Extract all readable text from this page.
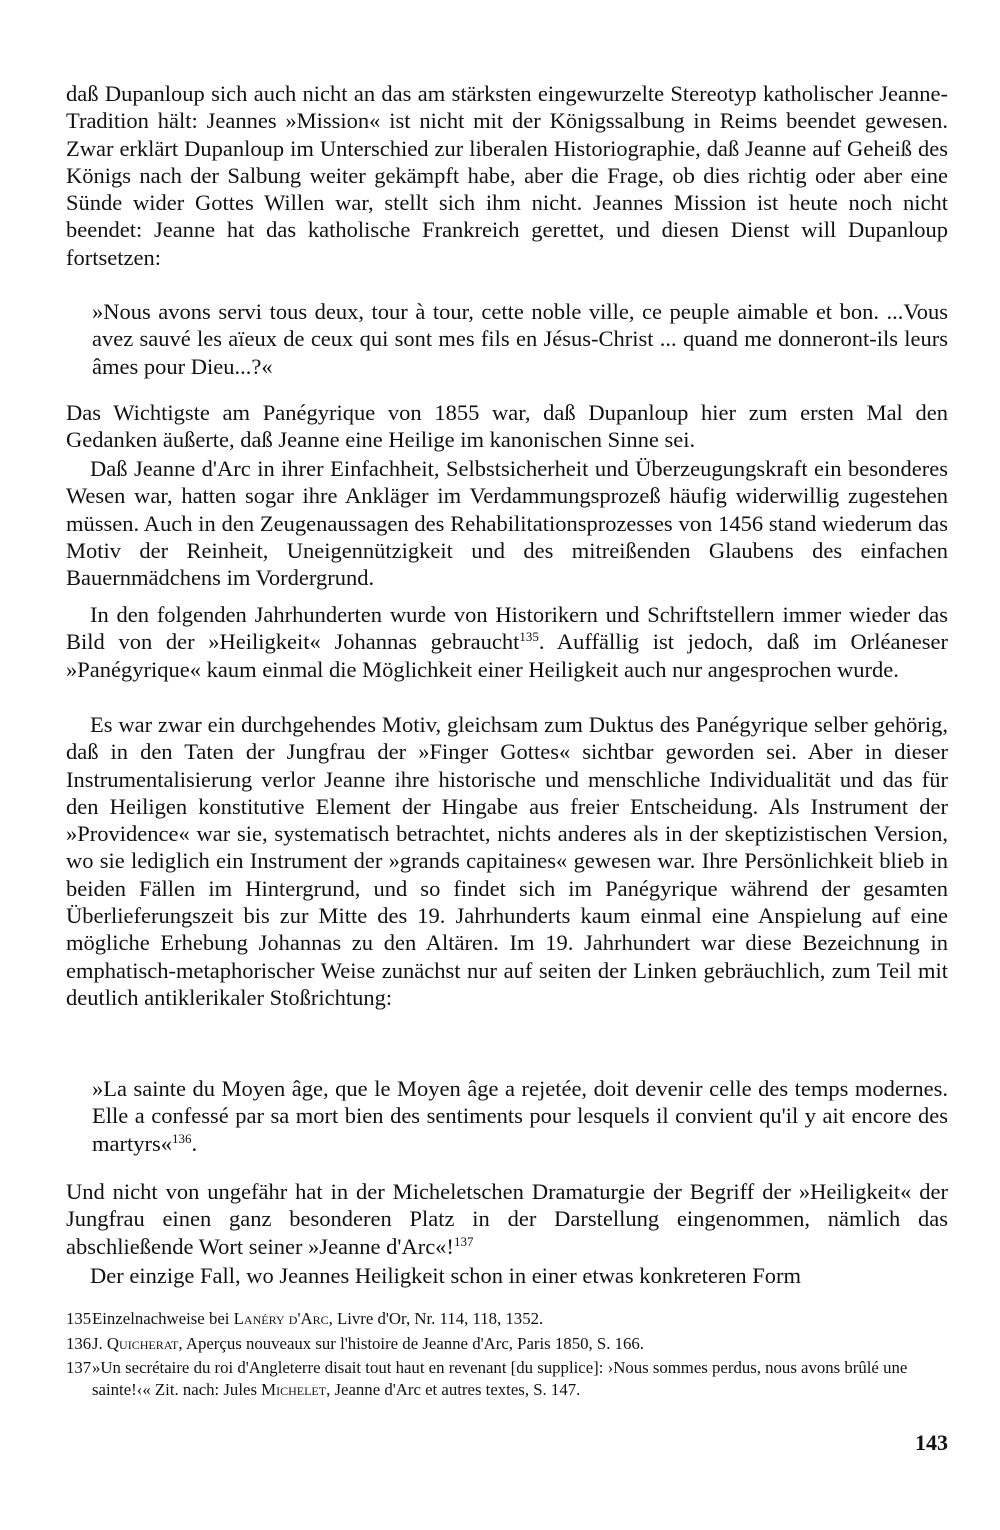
daß Dupanloup sich auch nicht an das am stärksten eingewurzelte Stereotyp katholischer Jeanne-Tradition hält: Jeannes »Mission« ist nicht mit der Königssalbung in Reims beendet gewesen. Zwar erklärt Dupanloup im Unterschied zur liberalen Historiographie, daß Jeanne auf Geheiß des Königs nach der Salbung weiter gekämpft habe, aber die Frage, ob dies richtig oder aber eine Sünde wider Gottes Willen war, stellt sich ihm nicht. Jeannes Mission ist heute noch nicht beendet: Jeanne hat das katholische Frankreich gerettet, und diesen Dienst will Dupanloup fortsetzen:

»Nous avons servi tous deux, tour à tour, cette noble ville, ce peuple aimable et bon. ...Vous avez sauvé les aïeux de ceux qui sont mes fils en Jésus-Christ ... quand me donneront-ils leurs âmes pour Dieu...?«

Das Wichtigste am Panégyrique von 1855 war, daß Dupanloup hier zum ersten Mal den Gedanken äußerte, daß Jeanne eine Heilige im kanonischen Sinne sei.

Daß Jeanne d'Arc in ihrer Einfachheit, Selbstsicherheit und Überzeugungskraft ein besonderes Wesen war, hatten sogar ihre Ankläger im Verdammungsprozeß häufig widerwillig zugestehen müssen. Auch in den Zeugenaussagen des Rehabilitationsprozesses von 1456 stand wiederum das Motiv der Reinheit, Uneigennützigkeit und des mitreißenden Glaubens des einfachen Bauernmädchens im Vordergrund.

In den folgenden Jahrhunderten wurde von Historikern und Schriftstellern immer wieder das Bild von der »Heiligkeit« Johannas gebraucht$^{135}$. Auffällig ist jedoch, daß im Orléaneser »Panégyrique« kaum einmal die Möglichkeit einer Heiligkeit auch nur angesprochen wurde.

Es war zwar ein durchgehendes Motiv, gleichsam zum Duktus des Panégyrique selber gehörig, daß in den Taten der Jungfrau der »Finger Gottes« sichtbar geworden sei. Aber in dieser Instrumentalisierung verlor Jeanne ihre historische und menschliche Individualität und das für den Heiligen konstitutive Element der Hingabe aus freier Entscheidung. Als Instrument der »Providence« war sie, systematisch betrachtet, nichts anderes als in der skeptizistischen Version, wo sie lediglich ein Instrument der »grands capitaines« gewesen war. Ihre Persönlichkeit blieb in beiden Fällen im Hintergrund, und so findet sich im Panégyrique während der gesamten Überlieferungszeit bis zur Mitte des 19. Jahrhunderts kaum einmal eine Anspielung auf eine mögliche Erhebung Johannas zu den Altären. Im 19. Jahrhundert war diese Bezeichnung in emphatisch-metaphorischer Weise zunächst nur auf seiten der Linken gebräuchlich, zum Teil mit deutlich antiklerikaler Stoßrichtung:

»La sainte du Moyen âge, que le Moyen âge a rejetée, doit devenir celle des temps modernes. Elle a confessé par sa mort bien des sentiments pour lesquels il convient qu'il y ait encore des martyrs«$^{136}$.

Und nicht von ungefähr hat in der Micheletschen Dramaturgie der Begriff der »Heiligkeit« der Jungfrau einen ganz besonderen Platz in der Darstellung eingenommen, nämlich das abschließende Wort seiner »Jeanne d'Arc«!$^{137}$

Der einzige Fall, wo Jeannes Heiligkeit schon in einer etwas konkreteren Form

135Einzelnachweise bei Lanéry d'Arc, Livre d'Or, Nr. 114, 118, 1352.

136J. Quicherat, Aperçus nouveaux sur l'histoire de Jeanne d'Arc, Paris 1850, S. 166.

137»Un secrétaire du roi d'Angleterre disait tout haut en revenant [du supplice]: ›Nous sommes perdus, nous avons brûlé une sainte!‹« Zit. nach: Jules Michelet, Jeanne d'Arc et autres textes, S. 147.

143
